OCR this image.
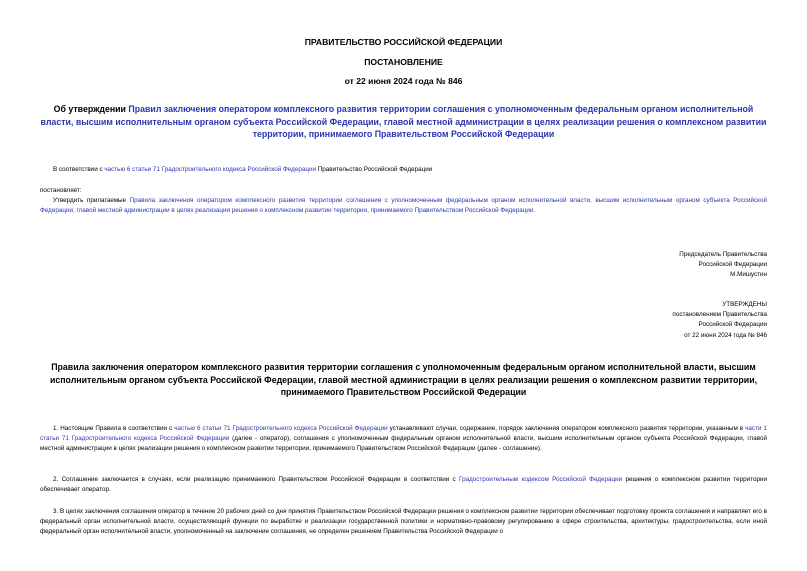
ПРАВИТЕЛЬСТВО РОССИЙСКОЙ ФЕДЕРАЦИИ
ПОСТАНОВЛЕНИЕ
от 22 июня 2024 года № 846
Об утверждении Правил заключения оператором комплексного развития территории соглашения с уполномоченным федеральным органом исполнительной власти, высшим исполнительным органом субъекта Российской Федерации, главой местной администрации в целях реализации решения о комплексном развитии территории, принимаемого Правительством Российской Федерации
В соответствии с частью 6 статьи 71 Градостроительного кодекса Российской Федерации Правительство Российской Федерации
постановляет:
Утвердить прилагаемые Правила заключения оператором комплексного развития территории соглашения с уполномоченным федеральным органом исполнительной власти, высшим исполнительным органом субъекта Российской Федерации, главой местной администрации в целях реализации решения о комплексном развитии территории, принимаемого Правительством Российской Федерации.
Председатель Правительства
Российской Федерации
М.Мишустин
УТВЕРЖДЕНЫ
постановлением Правительства
Российской Федерации
от 22 июня 2024 года № 846
Правила заключения оператором комплексного развития территории соглашения с уполномоченным федеральным органом исполнительной власти, высшим исполнительным органом субъекта Российской Федерации, главой местной администрации в целях реализации решения о комплексном развитии территории, принимаемого Правительством Российской Федерации
1. Настоящие Правила в соответствии с частью 6 статьи 71 Градостроительного кодекса Российской Федерации устанавливают случаи, содержание, порядок заключения оператором комплексного развития территории, указанным в части 1 статьи 71 Градостроительного кодекса Российской Федерации (далее - оператор), соглашения с уполномоченным федеральным органом исполнительной власти, высшим исполнительным органом субъекта Российской Федерации, главой местной администрации в целях реализации решения о комплексном развитии территории, принимаемого Правительством Российской Федерации (далее - соглашение).
2. Соглашение заключается в случаях, если реализацию принимаемого Правительством Российской Федерации в соответствии с Градостроительным кодексом Российской Федерации решения о комплексном развитии территории обеспечивает оператор.
3. В целях заключения соглашения оператор в течение 20 рабочих дней со дня принятия Правительством Российской Федерации решения о комплексном развитии территории обеспечивает подготовку проекта соглашения и направляет его в федеральный орган исполнительной власти, осуществляющий функции по выработке и реализации государственной политики и нормативно-правовому регулированию в сфере строительства, архитектуры, градостроительства, если иной федеральный орган исполнительной власти, уполномоченный на заключение соглашения, не определен решением Правительства Российской Федерации о
